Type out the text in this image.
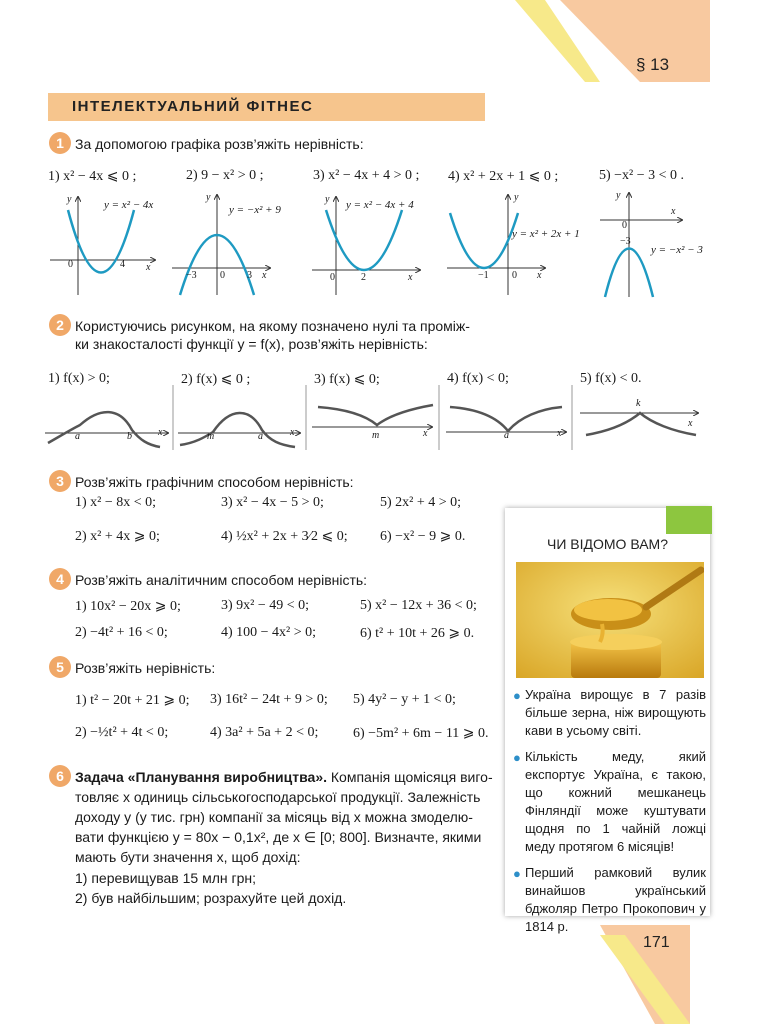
§ 13
ІНТЕЛЕКТУАЛЬНИЙ ФІТНЕС
1 За допомогою графіка розв’яжіть нерівність:
1) x² − 4x ⩽ 0 ;	2) 9 − x² > 0 ;	3) x² − 4x + 4 > 0 ; 4) x² + 2x + 1 ⩽ 0 ;	5) −x² − 3 < 0 .
y
x
y = x² − 4x
0	4
y
x
y = −x² + 9
−3 0 3
y
x
y = x² − 4x + 4
0	2
y
x
y = x² + 2x + 1
−1 0
y
x
y = −x² − 3
0
−3
2 Користуючись рисунком, на якому позначено нулі та промiж-
ки знакосталості функції y = f(x), розв’яжіть нерівність:
1) f(x) > 0;	2) f(x) ⩽ 0 ;	3) f(x) ⩽ 0;	4) f(x) < 0;	5) f(x) < 0.
a	b	x	m	a	x	m	x	a	x
k
x
3 Розв’яжіть графічним способом нерівність:
1) x² − 8x < 0;	3) x² − 4x − 5 > 0;	5) 2x² + 4 > 0;
2) x² + 4x ⩾ 0;	4) ½x² + 2x + 3⁄2 ⩽ 0; 6) −x² − 9 ⩾ 0.
4 Розв’яжіть аналітичним способом нерівність:
1) 10x² − 20x ⩾ 0;	3) 9x² − 49 < 0;	5) x² − 12x + 36 < 0;
2) −4t² + 16 < 0;	4) 100 − 4x² > 0;	6) t² + 10t + 26 ⩾ 0.
5 Розв’яжіть нерівність:
1) t² − 20t + 21 ⩾ 0; 3) 16t² − 24t + 9 > 0; 5) 4y² − y + 1 < 0;
2) −½t² + 4t < 0;	4) 3a² + 5a + 2 < 0; 6) −5m² + 6m − 11 ⩾ 0.
6 Задача «Планування виробництва». Компанія щомісяця виго-
товляє x одиниць сільськогосподарської продукції. Залежність
доходу y (у тис. грн) компанії за місяць від x можна змоделю-
вати функцією y = 80x − 0,1x², де x ∈ [0; 800]. Визначте, якими
мають бути значення x, щоб дохід:
1) перевищував 15 млн грн;
2) був найбільшим; розрахуйте цей дохід.
ЧИ ВІДОМО ВАМ?
● Україна вирощує в 7 разів більше зерна, ніж вирощують кави в усьому світі.
● Кількість меду, який експортує Україна, є такою, що кожний мешканець Фінляндії може куштувати щодня по 1 чайній ложці меду протягом 6 місяців!
● Перший рамковий вулик винайшов український бджоляр Петро Прокопович у 1814 р.
171
